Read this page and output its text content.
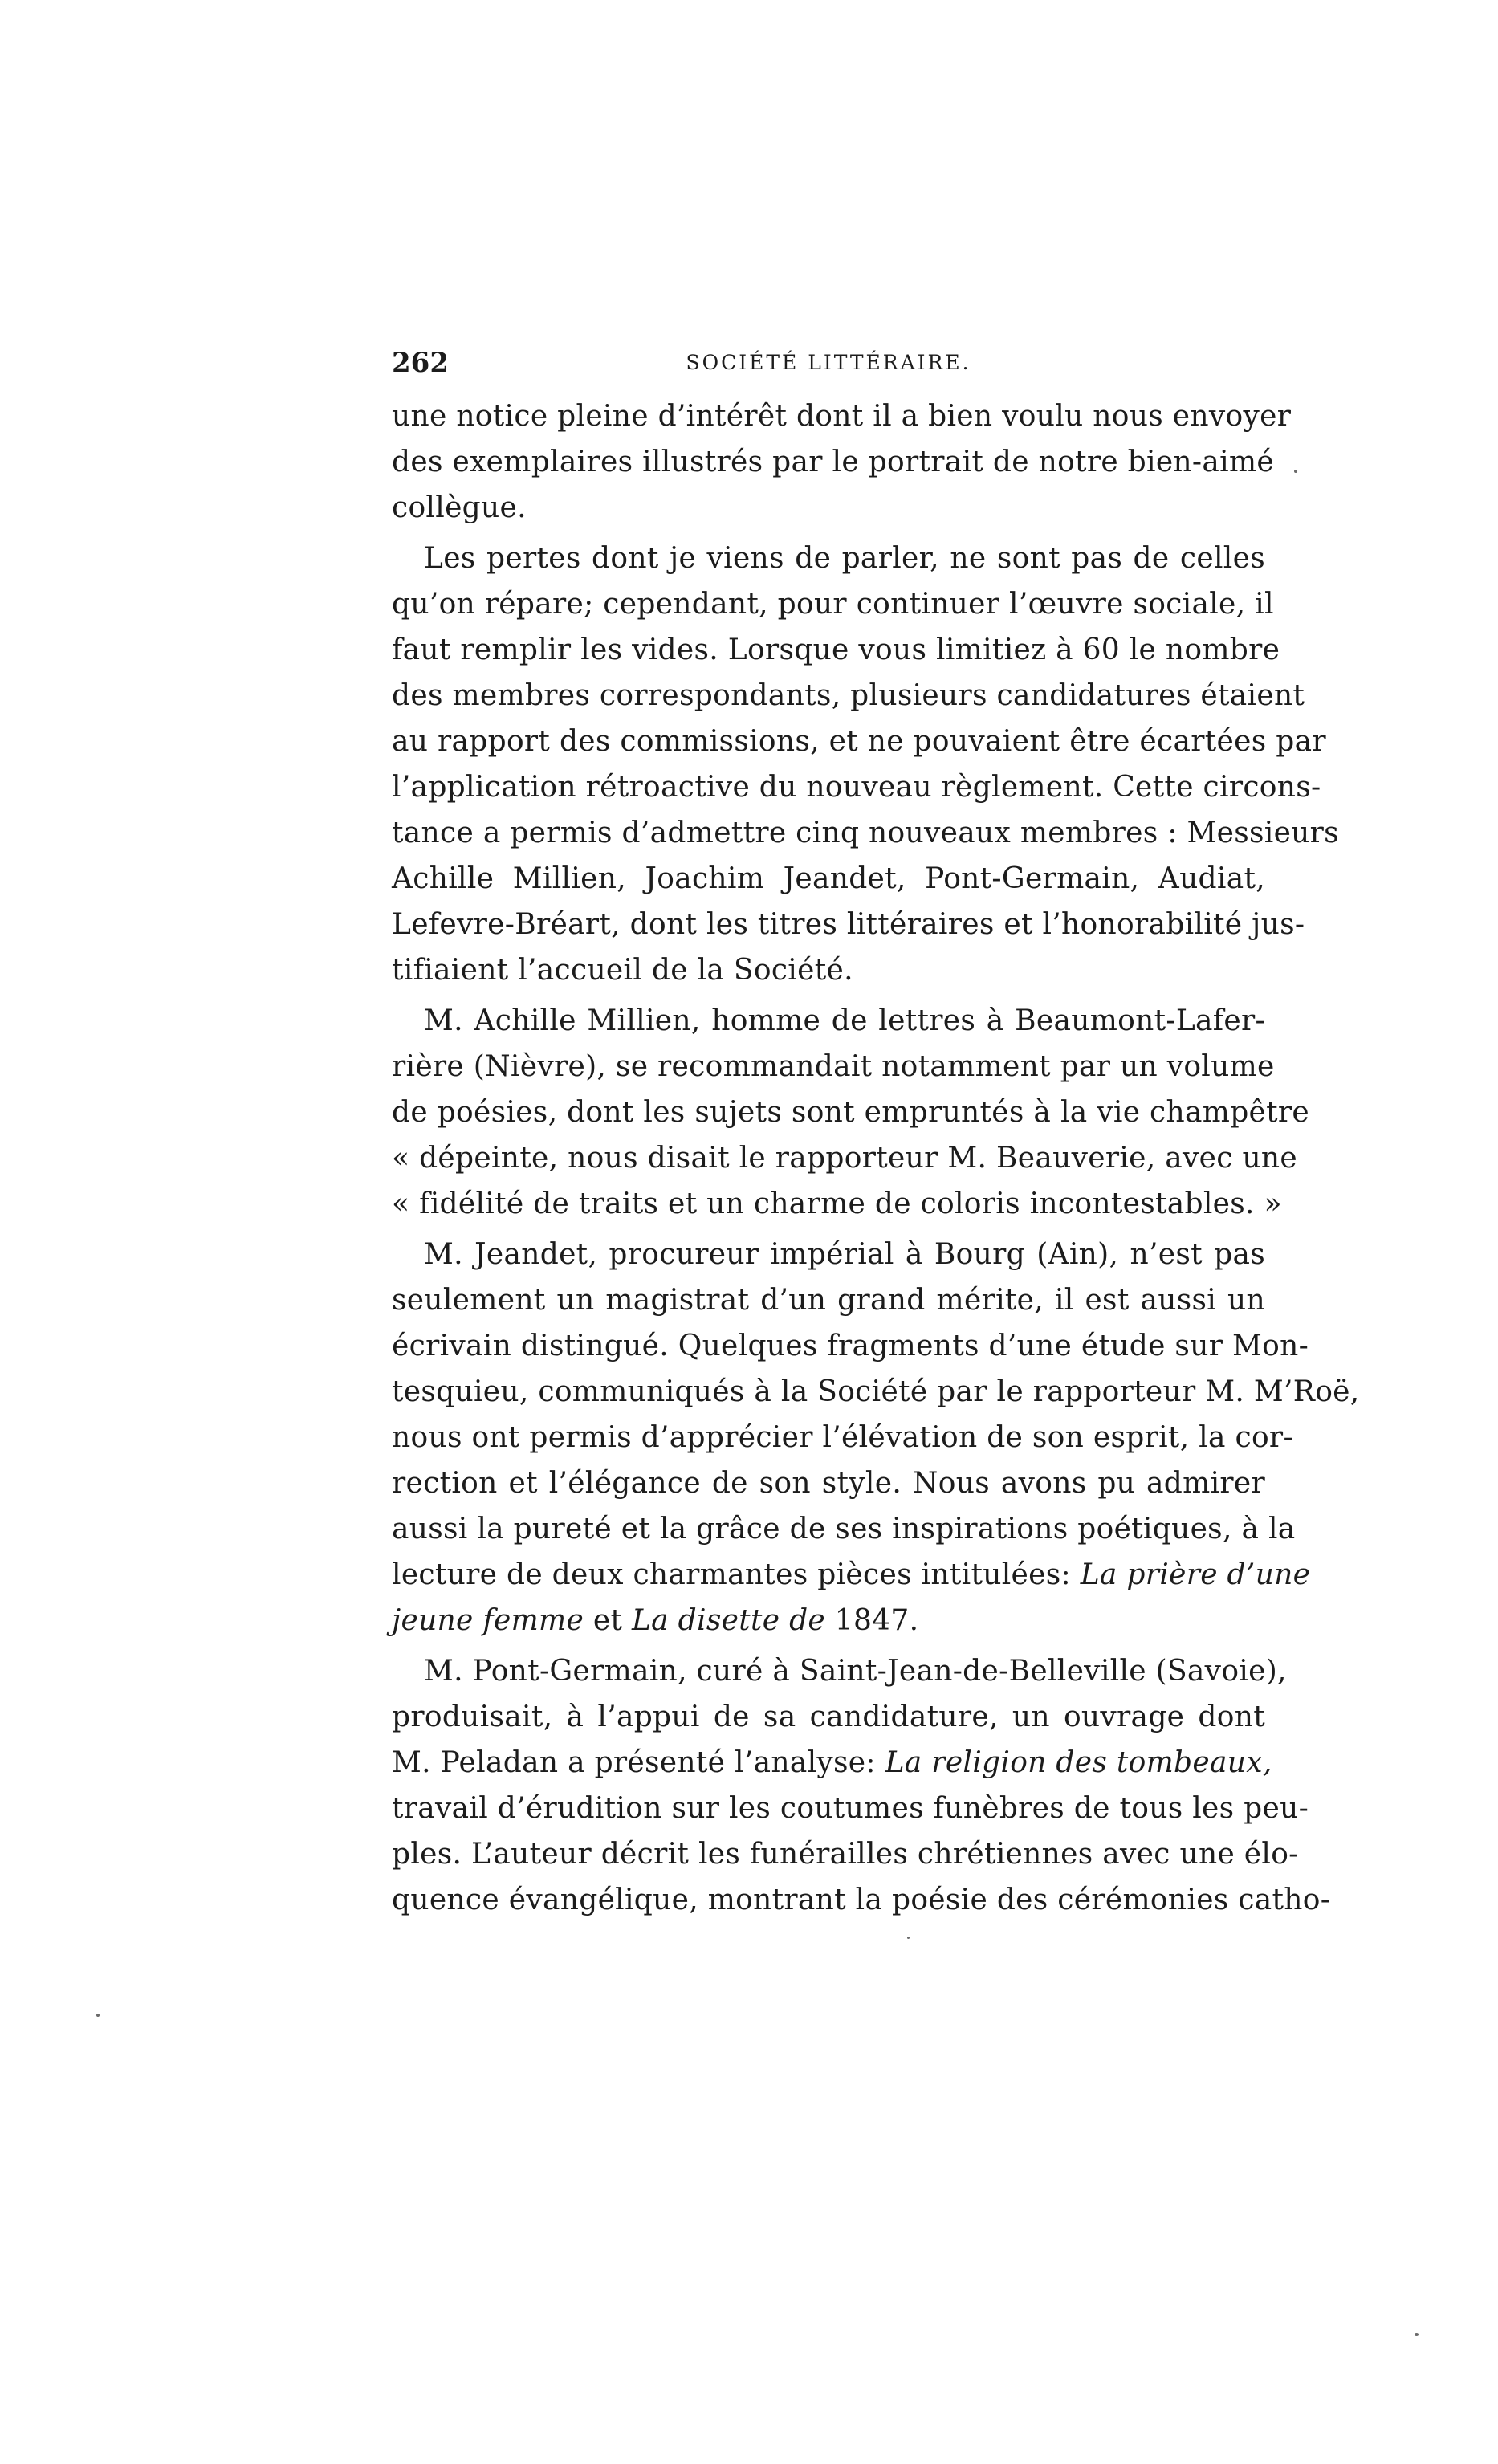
262	SOCIÉTÉ LITTÉRAIRE.
une notice pleine d’intérêt dont il a bien voulu nous envoyer
des exemplaires illustrés par le portrait de notre bien-aimé
collègue.
Les pertes dont je viens de parler, ne sont pas de celles
qu’on répare; cependant, pour continuer l’œuvre sociale, il
faut remplir les vides. Lorsque vous limitiez à 60 le nombre
des membres correspondants, plusieurs candidatures étaient
au rapport des commissions, et ne pouvaient être écartées par
l’application rétroactive du nouveau règlement. Cette circons-
tance a permis d’admettre cinq nouveaux membres : Messieurs
Achille Millien, Joachim Jeandet, Pont-Germain, Audiat,
Lefevre-Bréart, dont les titres littéraires et l’honorabilité jus-
tifiaient l’accueil de la Société.
M. Achille Millien, homme de lettres à Beaumont-Lafer-
rière (Nièvre), se recommandait notamment par un volume
de poésies, dont les sujets sont empruntés à la vie champêtre
« dépeinte, nous disait le rapporteur M. Beauverie, avec une
« fidélité de traits et un charme de coloris incontestables. »
M. Jeandet, procureur impérial à Bourg (Ain), n’est pas
seulement un magistrat d’un grand mérite, il est aussi un
écrivain distingué. Quelques fragments d’une étude sur Mon-
tesquieu, communiqués à la Société par le rapporteur M. M’Roë,
nous ont permis d’apprécier l’élévation de son esprit, la cor-
rection et l’élégance de son style. Nous avons pu admirer
aussi la pureté et la grâce de ses inspirations poétiques, à la
lecture de deux charmantes pièces intitulées: La prière d’une
jeune femme et La disette de 1847.
M. Pont-Germain, curé à Saint-Jean-de-Belleville (Savoie),
produisait, à l’appui de sa candidature, un ouvrage dont
M. Peladan a présenté l’analyse: La religion des tombeaux,
travail d’érudition sur les coutumes funèbres de tous les peu-
ples. L’auteur décrit les funérailles chrétiennes avec une élo-
quence évangélique, montrant la poésie des cérémonies catho-
